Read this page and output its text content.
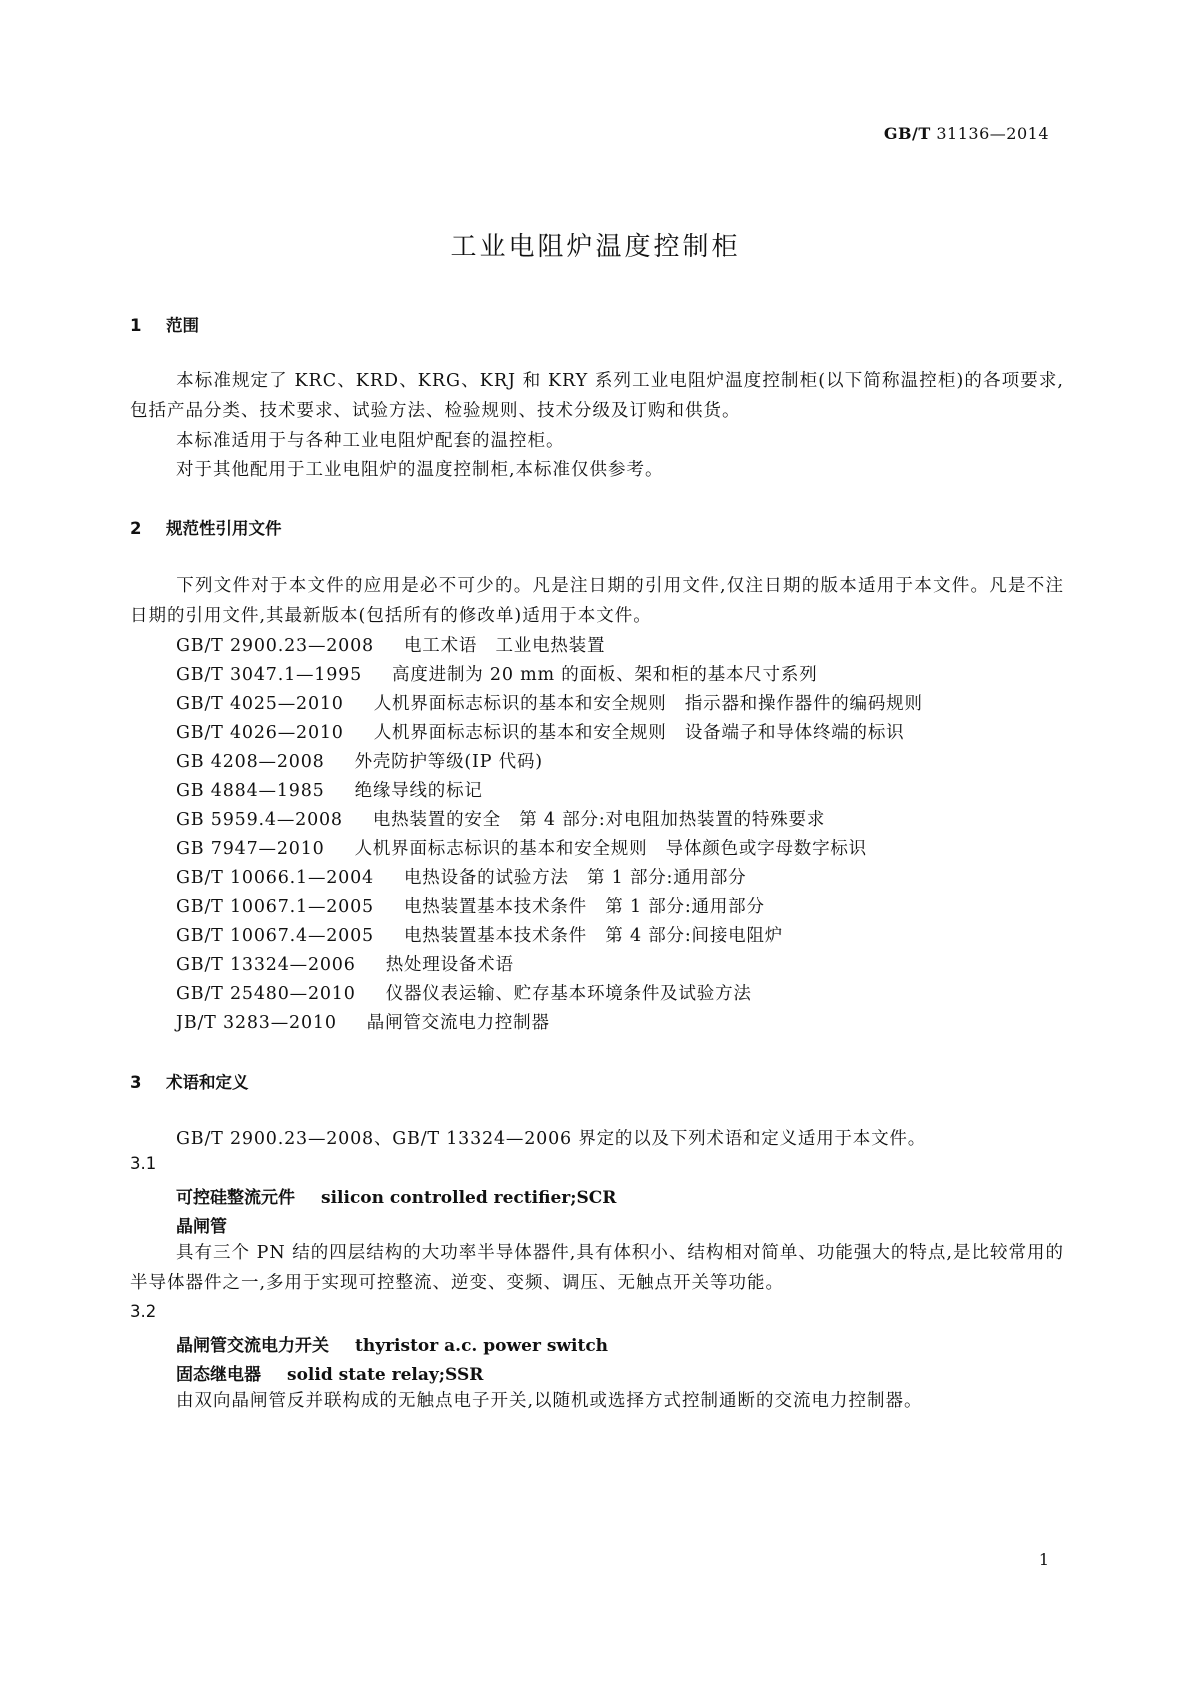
GB/T 31136—2014
工业电阻炉温度控制柜
1 范围
本标准规定了 KRC、KRD、KRG、KRJ 和 KRY 系列工业电阻炉温度控制柜(以下简称温控柜)的各项要求,包括产品分类、技术要求、试验方法、检验规则、技术分级及订购和供货。
本标准适用于与各种工业电阻炉配套的温控柜。
对于其他配用于工业电阻炉的温度控制柜,本标准仅供参考。
2 规范性引用文件
下列文件对于本文件的应用是必不可少的。凡是注日期的引用文件,仅注日期的版本适用于本文件。凡是不注日期的引用文件,其最新版本(包括所有的修改单)适用于本文件。
GB/T 2900.23—2008 电工术语　工业电热装置
GB/T 3047.1—1995 高度进制为 20 mm 的面板、架和柜的基本尺寸系列
GB/T 4025—2010 人机界面标志标识的基本和安全规则　指示器和操作器件的编码规则
GB/T 4026—2010 人机界面标志标识的基本和安全规则　设备端子和导体终端的标识
GB 4208—2008 外壳防护等级(IP 代码)
GB 4884—1985 绝缘导线的标记
GB 5959.4—2008 电热装置的安全　第 4 部分:对电阻加热装置的特殊要求
GB 7947—2010 人机界面标志标识的基本和安全规则　导体颜色或字母数字标识
GB/T 10066.1—2004 电热设备的试验方法　第 1 部分:通用部分
GB/T 10067.1—2005 电热装置基本技术条件　第 1 部分:通用部分
GB/T 10067.4—2005 电热装置基本技术条件　第 4 部分:间接电阻炉
GB/T 13324—2006 热处理设备术语
GB/T 25480—2010 仪器仪表运输、贮存基本环境条件及试验方法
JB/T 3283—2010 晶闸管交流电力控制器
3 术语和定义
GB/T 2900.23—2008、GB/T 13324—2006 界定的以及下列术语和定义适用于本文件。
3.1
可控硅整流元件 silicon controlled rectifier;SCR
晶闸管
具有三个 PN 结的四层结构的大功率半导体器件,具有体积小、结构相对简单、功能强大的特点,是比较常用的半导体器件之一,多用于实现可控整流、逆变、变频、调压、无触点开关等功能。
3.2
晶闸管交流电力开关 thyristor a.c. power switch
固态继电器 solid state relay;SSR
由双向晶闸管反并联构成的无触点电子开关,以随机或选择方式控制通断的交流电力控制器。
1
